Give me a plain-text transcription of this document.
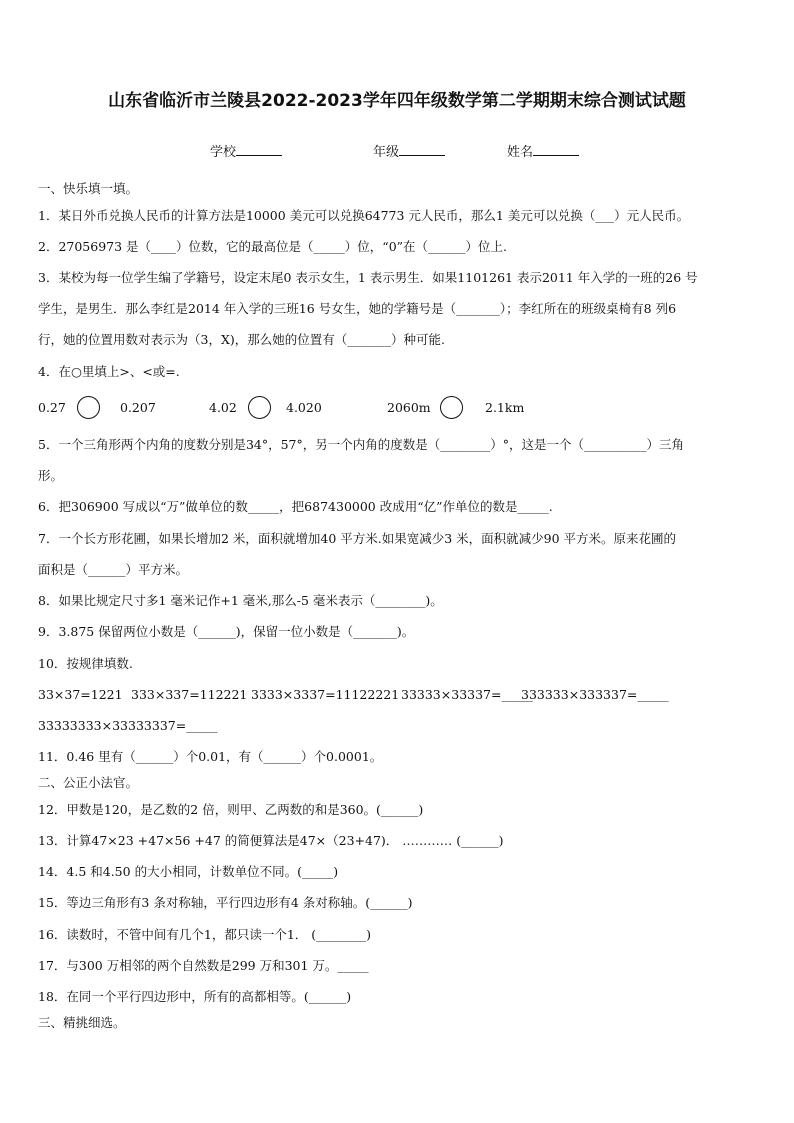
山东省临沂市兰陵县2022-2023学年四年级数学第二学期期末综合测试试题
学校	年级	姓名
一、快乐填一填。
1．某日外币兑换人民币的计算方法是10000 美元可以兑换64773 元人民币，那么1 美元可以兑换（___）元人民币。
2．27056973 是（____）位数，它的最高位是（_____）位，“0”在（______）位上.
3．某校为每一位学生编了学籍号，设定末尾0 表示女生，1 表示男生．如果1101261 表示2011 年入学的一班的26 号
学生，是男生．那么李红是2014 年入学的三班16 号女生，她的学籍号是（_______）；李红所在的班级桌椅有8 列6
行，她的位置用数对表示为（3，X)，那么她的位置有（_______）种可能.
4．在○里填上>、<或=.
0.27	0.207	4.02	4.020	2060m	2.1km
5．一个三角形两个内角的度数分别是34°，57°，另一个内角的度数是（________）°，这是一个（__________）三角
形。
6．把306900 写成以“万”做单位的数_____，把687430000 改成用“亿”作单位的数是_____.
7．一个长方形花圃，如果长增加2 米，面积就增加40 平方米.如果宽减少3 米，面积就减少90 平方米。原来花圃的
面积是（______）平方米。
8．如果比规定尺寸多1 毫米记作+1 毫米,那么-5 毫米表示（________)。
9．3.875 保留两位小数是（______)，保留一位小数是（_______)。
10．按规律填数.
33×37=1221 333×337=112221 3333×3337=11122221 33333×33337=_____
333333×333337=_____
33333333×33333337=_____
11．0.46 里有（______）个0.01，有（______）个0.0001。
二、公正小法官。
12．甲数是120，是乙数的2 倍，则甲、乙两数的和是360。(______)
13．计算47×23 +47×56 +47 的简便算法是47×（23+47)． ………… (______)
14．4.5 和4.50 的大小相同，计数单位不同。(_____)
15．等边三角形有3 条对称轴，平行四边形有4 条对称轴。(______)
16．读数时，不管中间有几个1，都只读一个1． (________)
17．与300 万相邻的两个自然数是299 万和301 万。_____
18．在同一个平行四边形中，所有的高都相等。(______)
三、精挑细选。
